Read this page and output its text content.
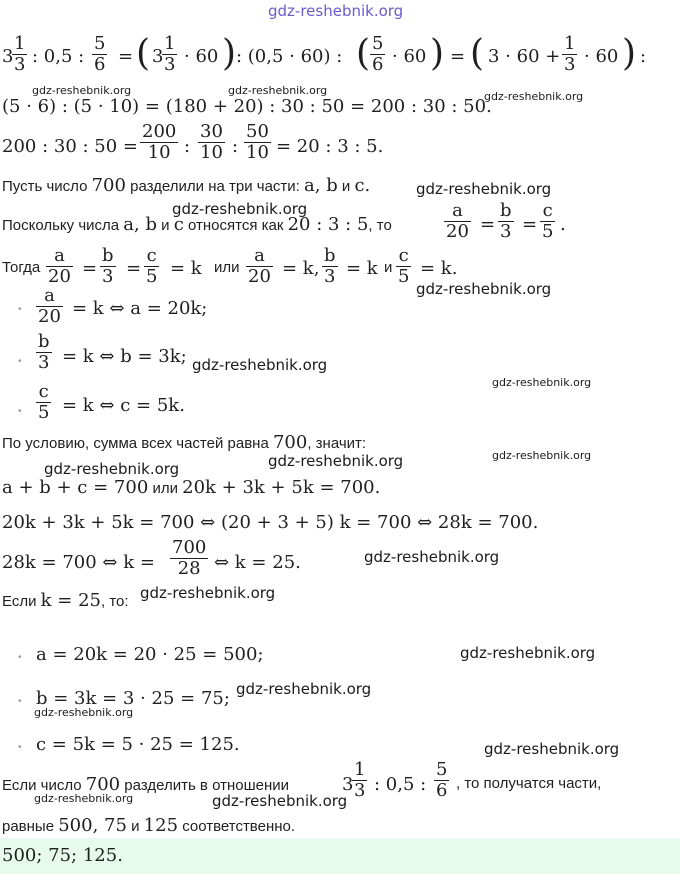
gdz-reshebnik.org
3
$\frac{1}{3}$ : 0,5 : $\frac{5}{6}$ = ( 3
$\frac{1}{3} \cdot 60$ ) : (0,5 · 60) : ( $\frac{5}{6} \cdot 60$ ) = ( $3 \cdot 60 + \frac{1}{3} \cdot 60$ ) :
gdz-reshebnik.org	gdz-reshebnik.org	gdz-reshebnik.org
(5 · 6) : (5 · 10) = (180 + 20) : 30 : 50 = 200 : 30 : 50.
200 : 30 : $50 = \frac{200}{10}$ : $\frac{30}{10}$ : $\frac{50}{10} = 20$ : 3 : 5.
Пусть число 700 разделили на три части: a, b и c.	gdz-reshebnik.org
gdz-reshebnik.org
Поскольку числа a, b и c относятся как 20 : 3 : 5, то	$\frac{a}{20} = \frac{b}{3} = \frac{c}{5}$ .
Тогда $\frac{a}{20} = \frac{b}{3} = \frac{c}{5} = k$ или $\frac{a}{20} = k$, $\frac{b}{3} = k$ и $\frac{c}{5} = k$.
gdz-reshebnik.org
• $\frac{a}{20} = k$ ⇔ a = 20k;
• $\frac{b}{3} = k$ ⇔ b = 3k; gdz-reshebnik.org
gdz-reshebnik.org
• $\frac{c}{5} = k$ ⇔ c = 5k.
По условию, сумма всех частей равна 700, значит:
gdz-reshebnik.org
gdz-reshebnik.org
gdz-reshebnik.org
a + b + c = 700 или 20k + 3k + 5k = 700.
20k + 3k + 5k = 700 ⇔ (20 + 3 + 5) k = 700 ⇔ 28k = 700.
28k = 700 ⇔ $k = \frac{700}{28}$ ⇔ k = 25.	gdz-reshebnik.org
Если k = 25, то: gdz-reshebnik.org
• a = 20k = 20 · 25 = 500;	gdz-reshebnik.org
• b = 3k = 3 · 25 = 75; gdz-reshebnik.org
gdz-reshebnik.org
• c = 5k = 5 · 25 = 125.	gdz-reshebnik.org
Если число 700 разделить в отношении	3
$\frac{1}{3}$ : 0,5 : $\frac{5}{6}$ , то получатся части,
gdz-reshebnik.org	gdz-reshebnik.org
равные 500, 75 и 125 соответственно.
500; 75; 125.
